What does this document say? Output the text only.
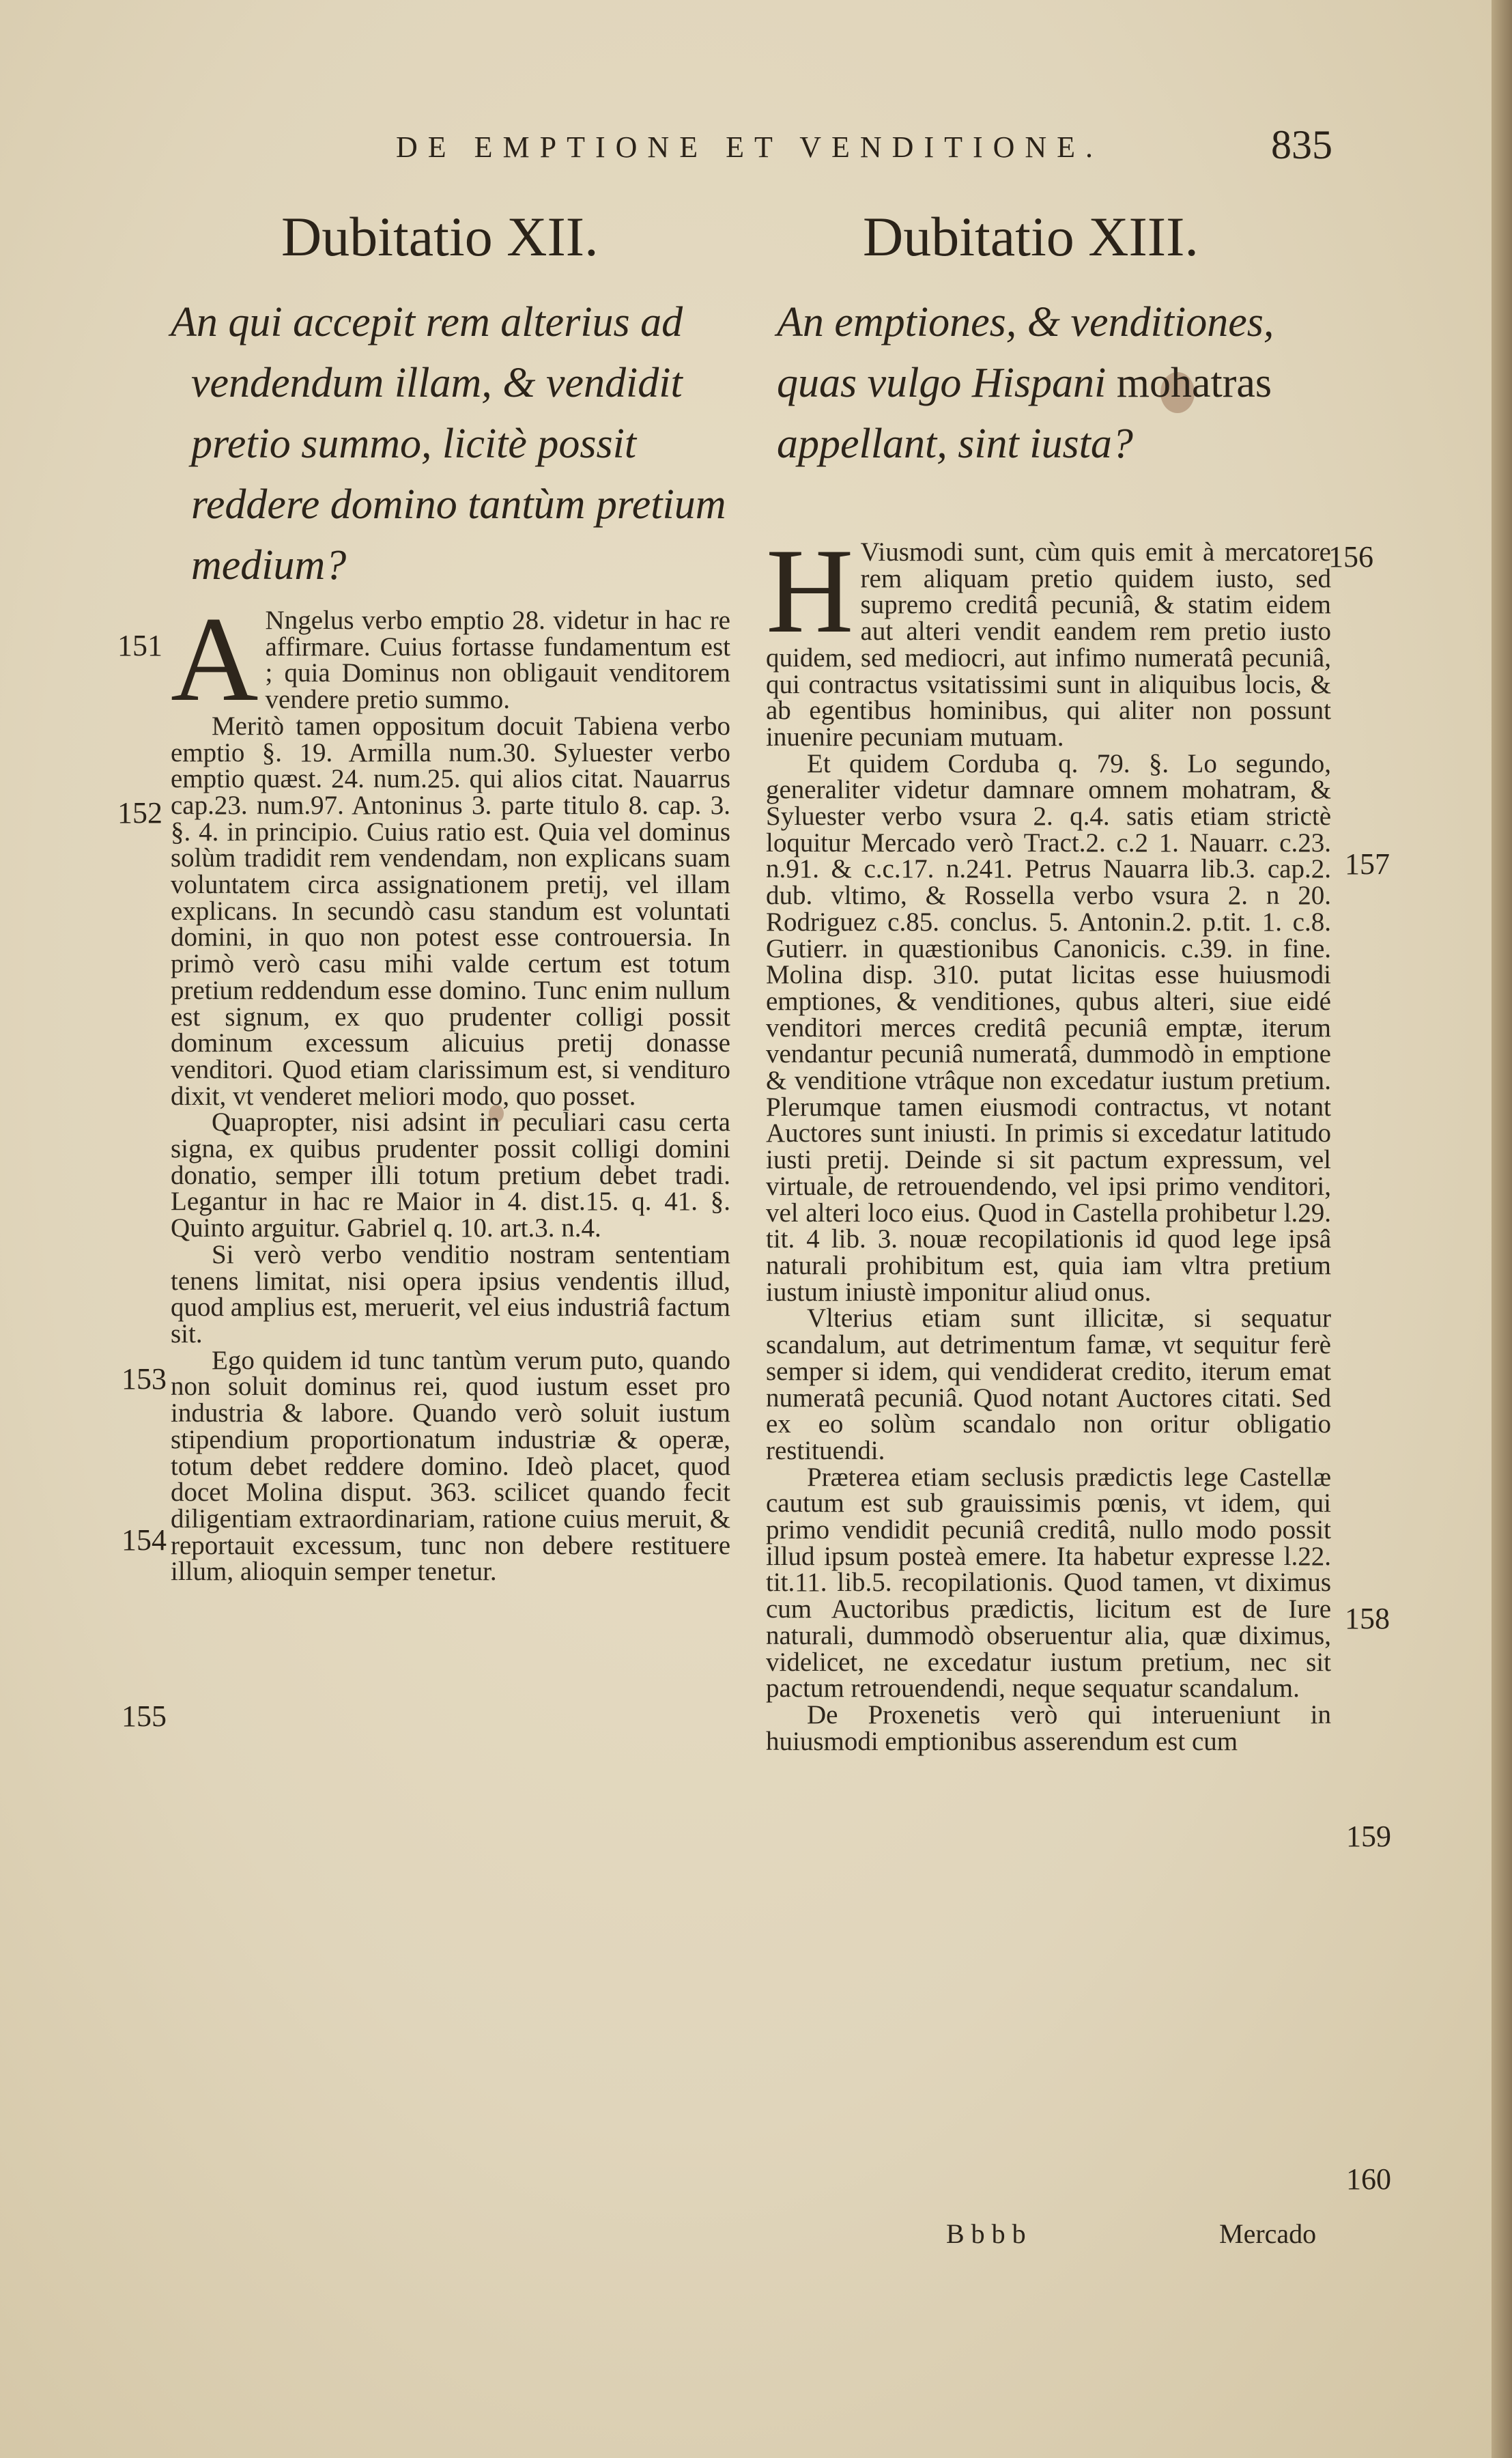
DE EMPTIONE ET VENDITIONE.	835
Dubitatio XII.
An qui accepit rem alterius ad vendendum illam, & vendidit pretio summo, licitè possit reddere domino tantùm pretium medium?
A Nngelus verbo emptio 28. videtur in hac re affirmare. Cuius fortasse fundamentum est ; quia Dominus non obligauit venditorem vendere pretio summo.

Meritò tamen oppositum docuit Tabiena verbo emptio §. 19. Armilla num.30. Syluester verbo emptio quæst. 24. num.25. qui alios citat. Nauarrus cap.23. num.97. Antoninus 3. parte titulo 8. cap. 3. §. 4. in principio. Cuius ratio est. Quia vel dominus solùm tradidit rem vendendam, non explicans suam voluntatem circa assignationem pretij, vel illam explicans. In secundò casu standum est voluntati domini, in quo non potest esse controuersia. In primò verò casu mihi valde certum est totum pretium reddendum esse domino. Tunc enim nullum est signum, ex quo prudenter colligi possit dominum excessum alicuius pretij donasse venditori. Quod etiam clarissimum est, si vendituro dixit, vt venderet meliori modo, quo posset.

Quapropter, nisi adsint in peculiari casu certa signa, ex quibus prudenter possit colligi domini donatio, semper illi totum pretium debet tradi. Legantur in hac re Maior in 4. dist.15. q. 41. §. Quinto arguitur. Gabriel q. 10. art.3. n.4.

Si verò verbo venditio nostram sententiam tenens limitat, nisi opera ipsius vendentis illud, quod amplius est, meruerit, vel eius industriâ factum sit.

Ego quidem id tunc tantùm verum puto, quando non soluit dominus rei, quod iustum esset pro industria & labore. Quando verò soluit iustum stipendium proportionatum industriæ & operæ, totum debet reddere domino. Ideò placet, quod docet Molina disput. 363. scilicet quando fecit diligentiam extraordinariam, ratione cuius meruit, & reportauit excessum, tunc non debere restituere illum, alioquin semper tenetur.

151
152
153
154
155
Dubitatio XIII.
An emptiones, & venditiones, quas vulgo Hispani mohatras appellant, sint iusta?
H Viusmodi sunt, cùm quis emit à mercatore rem aliquam pretio quidem iusto, sed supremo creditâ pecuniâ, & statim eidem aut alteri vendit eandem rem pretio iusto quidem, sed mediocri, aut infimo numeratâ pecuniâ, qui contractus vsitatissimi sunt in aliquibus locis, & ab egentibus hominibus, qui aliter non possunt inuenire pecuniam mutuam.

Et quidem Corduba q. 79. §. Lo segundo, generaliter videtur damnare omnem mohatram, & Syluester verbo vsura 2. q.4. satis etiam strictè loquitur Mercado verò Tract.2. c.2 1. Nauarr. c.23. n.91. & c.c.17. n.241. Petrus Nauarra lib.3. cap.2. dub. vltimo, & Rossella verbo vsura 2. n 20. Rodriguez c.85. conclus. 5. Antonin.2. p.tit. 1. c.8. Gutierr. in quæstionibus Canonicis. c.39. in fine. Molina disp. 310. putat licitas esse huiusmodi emptiones, & venditiones, qubus alteri, siue eidé venditori merces creditâ pecuniâ emptæ, iterum vendantur pecuniâ numeratâ, dummodò in emptione & venditione vtrâque non excedatur iustum pretium. Plerumque tamen eiusmodi contractus, vt notant Auctores sunt iniusti. In primis si excedatur latitudo iusti pretij. Deinde si sit pactum expressum, vel virtuale, de retrouendendo, vel ipsi primo venditori, vel alteri loco eius. Quod in Castella prohibetur l.29. tit. 4 lib. 3. nouæ recopilationis id quod lege ipsâ naturali prohibitum est, quia iam vltra pretium iustum iniustè imponitur aliud onus.

Vlterius etiam sunt illicitæ, si sequatur scandalum, aut detrimentum famæ, vt sequitur ferè semper si idem, qui vendiderat credito, iterum emat numeratâ pecuniâ. Quod notant Auctores citati. Sed ex eo solùm scandalo non oritur obligatio restituendi.

Præterea etiam seclusis prædictis lege Castellæ cautum est sub grauissimis pœnis, vt idem, qui primo vendidit pecuniâ creditâ, nullo modo possit illud ipsum posteà emere. Ita habetur expresse l.22. tit.11. lib.5. recopilationis. Quod tamen, vt diximus cum Auctoribus prædictis, licitum est de Iure naturali, dummodò obseruentur alia, quæ diximus, videlicet, ne excedatur iustum pretium, nec sit pactum retrouendendi, neque sequatur scandalum.

De Proxenetis verò qui interueniunt in huiusmodi emptionibus asserendum est cum

156
157
158
159
160
Bbbb	Mercado
